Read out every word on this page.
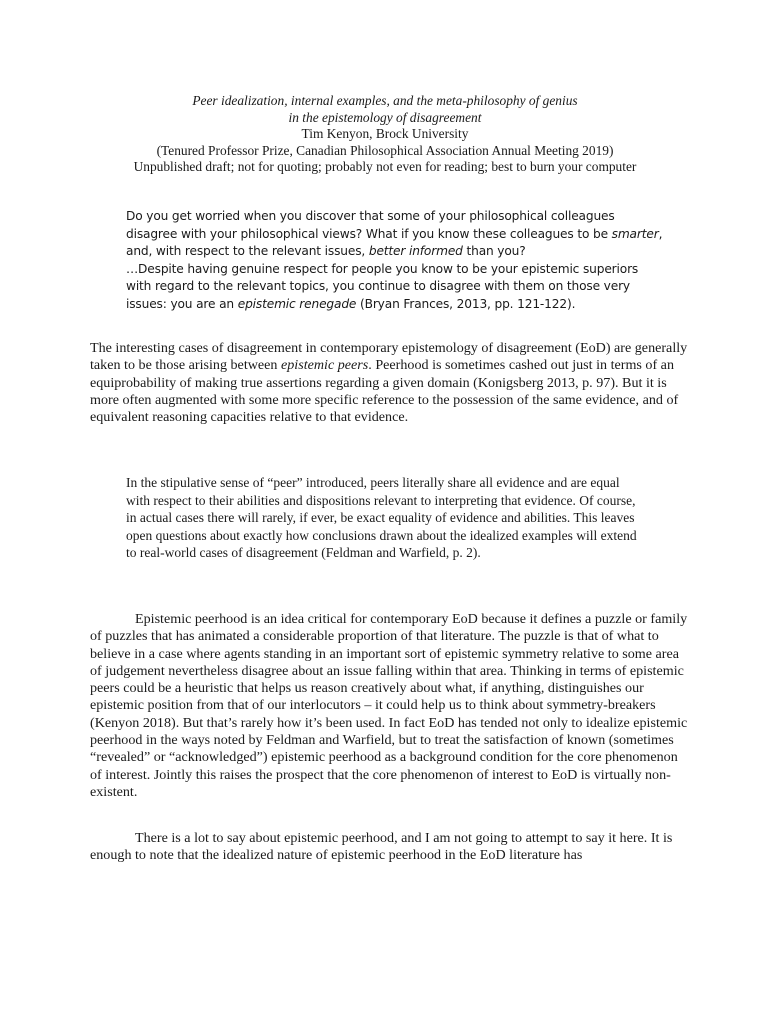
Peer idealization, internal examples, and the meta-philosophy of genius
in the epistemology of disagreement
Tim Kenyon, Brock University
(Tenured Professor Prize, Canadian Philosophical Association Annual Meeting 2019)
Unpublished draft; not for quoting; probably not even for reading; best to burn your computer
Do you get worried when you discover that some of your philosophical colleagues disagree with your philosophical views? What if you know these colleagues to be smarter, and, with respect to the relevant issues, better informed than you?
…Despite having genuine respect for people you know to be your epistemic superiors with regard to the relevant topics, you continue to disagree with them on those very issues: you are an epistemic renegade (Bryan Frances, 2013, pp. 121-122).
The interesting cases of disagreement in contemporary epistemology of disagreement (EoD) are generally taken to be those arising between epistemic peers. Peerhood is sometimes cashed out just in terms of an equiprobability of making true assertions regarding a given domain (Konigsberg 2013, p. 97). But it is more often augmented with some more specific reference to the possession of the same evidence, and of equivalent reasoning capacities relative to that evidence.
In the stipulative sense of “peer” introduced, peers literally share all evidence and are equal with respect to their abilities and dispositions relevant to interpreting that evidence. Of course, in actual cases there will rarely, if ever, be exact equality of evidence and abilities. This leaves open questions about exactly how conclusions drawn about the idealized examples will extend to real-world cases of disagreement (Feldman and Warfield, p. 2).
Epistemic peerhood is an idea critical for contemporary EoD because it defines a puzzle or family of puzzles that has animated a considerable proportion of that literature. The puzzle is that of what to believe in a case where agents standing in an important sort of epistemic symmetry relative to some area of judgement nevertheless disagree about an issue falling within that area. Thinking in terms of epistemic peers could be a heuristic that helps us reason creatively about what, if anything, distinguishes our epistemic position from that of our interlocutors – it could help us to think about symmetry-breakers (Kenyon 2018). But that’s rarely how it’s been used. In fact EoD has tended not only to idealize epistemic peerhood in the ways noted by Feldman and Warfield, but to treat the satisfaction of known (sometimes “revealed” or “acknowledged”) epistemic peerhood as a background condition for the core phenomenon of interest. Jointly this raises the prospect that the core phenomenon of interest to EoD is virtually non-existent.
There is a lot to say about epistemic peerhood, and I am not going to attempt to say it here. It is enough to note that the idealized nature of epistemic peerhood in the EoD literature has
